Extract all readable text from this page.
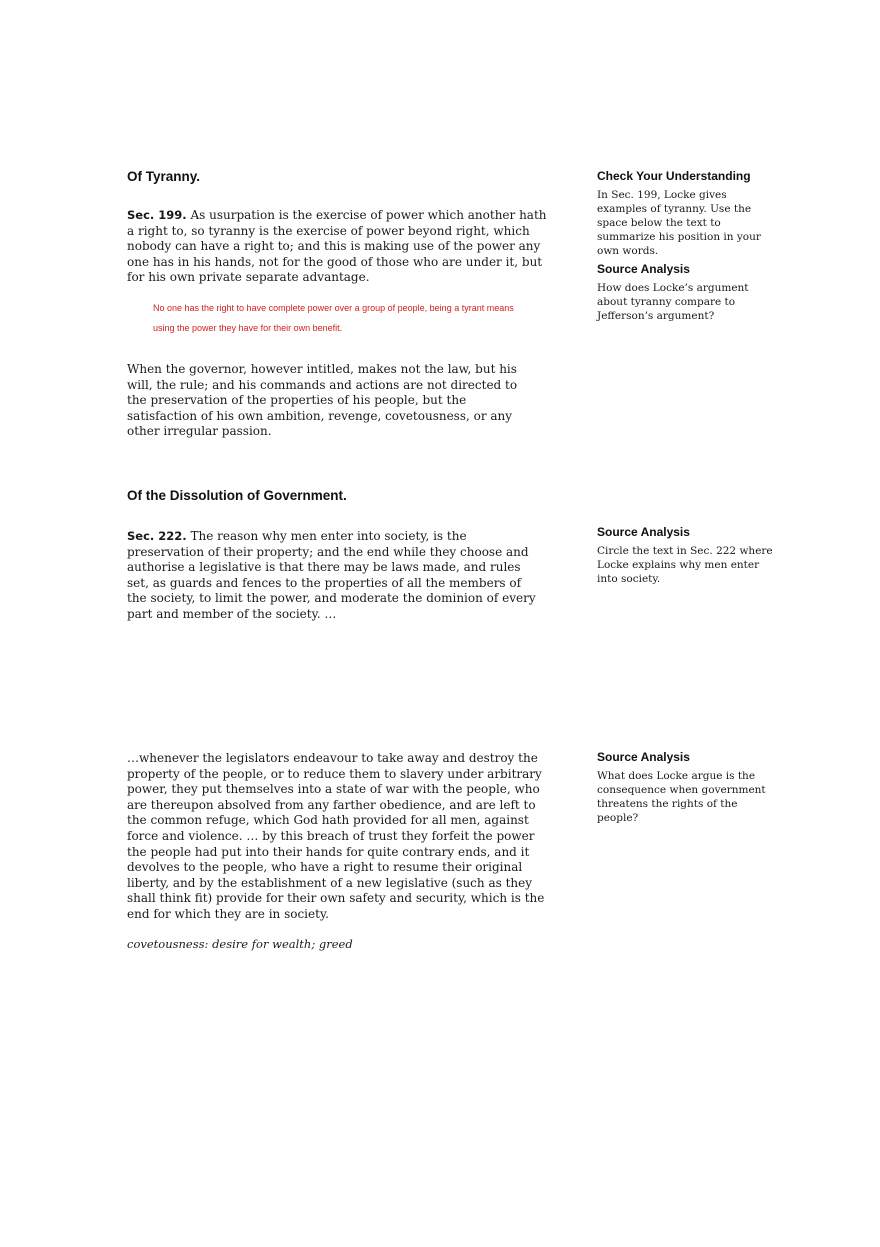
Of Tyranny.

Sec. 199. As usurpation is the exercise of power which another hath a right to, so tyranny is the exercise of power beyond right, which nobody can have a right to; and this is making use of the power any one has in his hands, not for the good of those who are under it, but for his own private separate advantage.

No one has the right to have complete power over a group of people, being a tyrant means using the power they have for their own benefit.

When the governor, however intitled, makes not the law, but his will, the rule; and his commands and actions are not directed to the preservation of the properties of his people, but the satisfaction of his own ambition, revenge, covetousness, or any other irregular passion.

Of the Dissolution of Government.

Sec. 222. The reason why men enter into society, is the preservation of their property; and the end while they choose and authorise a legislative is that there may be laws made, and rules set, as guards and fences to the properties of all the members of the society, to limit the power, and moderate the dominion of every part and member of the society. …

…whenever the legislators endeavour to take away and destroy the property of the people, or to reduce them to slavery under arbitrary power, they put themselves into a state of war with the people, who are thereupon absolved from any farther obedience, and are left to the common refuge, which God hath provided for all men, against force and violence. … by this breach of trust they forfeit the power the people had put into their hands for quite contrary ends, and it devolves to the people, who have a right to resume their original liberty, and by the establishment of a new legislative (such as they shall think fit) provide for their own safety and security, which is the end for which they are in society.

covetousness: desire for wealth; greed

Check Your Understanding

In Sec. 199, Locke gives examples of tyranny. Use the space below the text to summarize his position in your own words.

Source Analysis

How does Locke’s argument about tyranny compare to Jefferson’s argument?

Source Analysis

Circle the text in Sec. 222 where Locke explains why men enter into society.

Source Analysis

What does Locke argue is the consequence when government threatens the rights of the people?
